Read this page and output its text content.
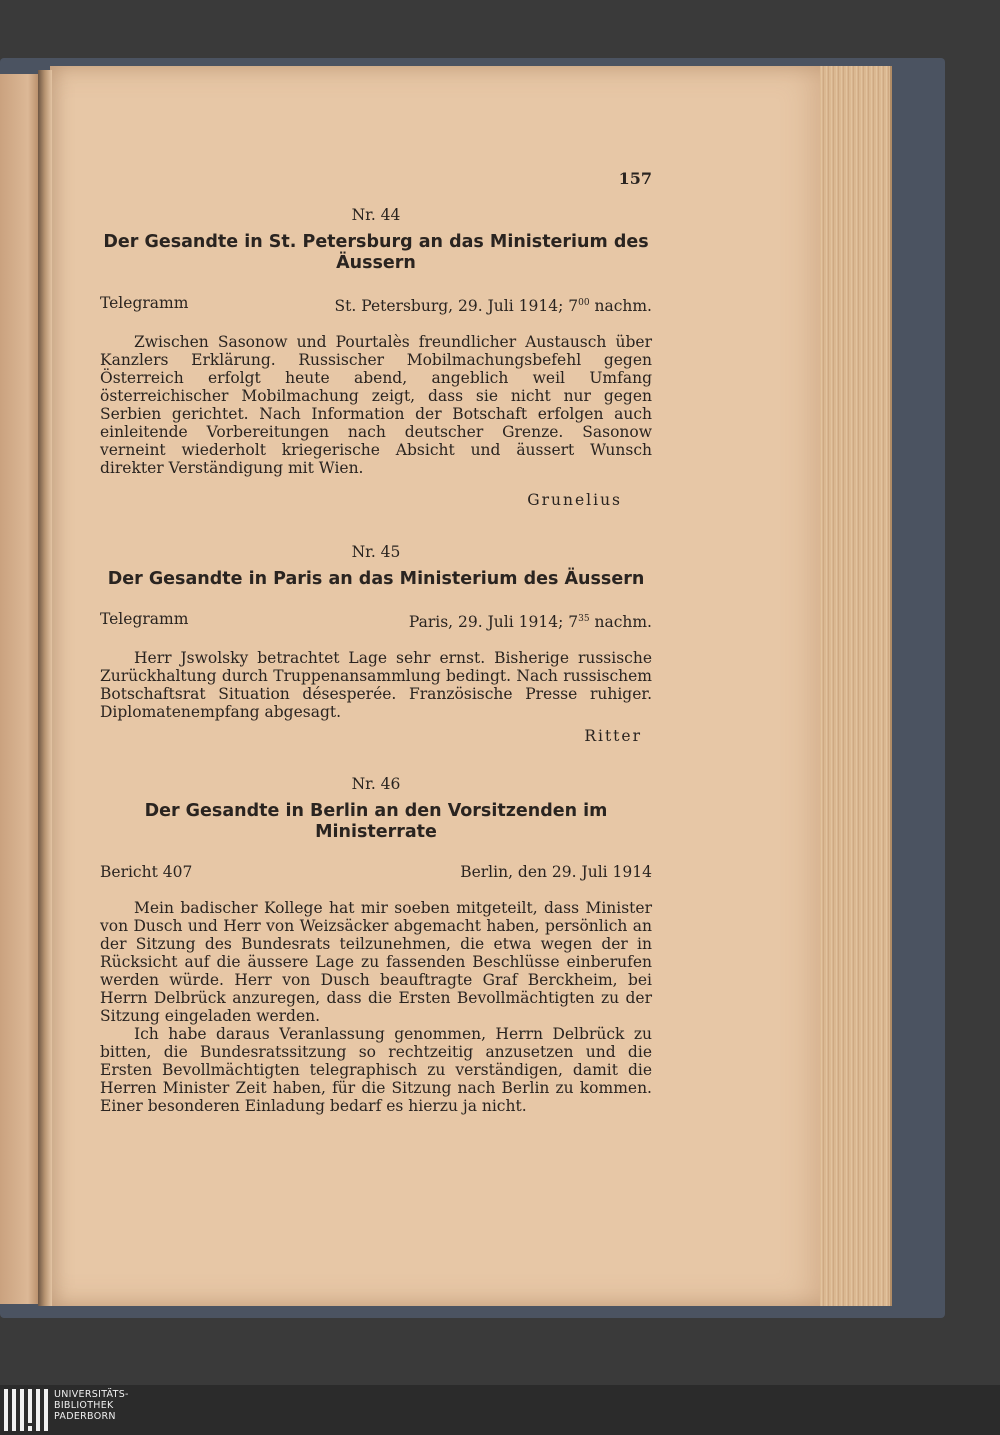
157
Nr. 44
Der Gesandte in St. Petersburg an das Ministerium des Äussern
Telegramm	St. Petersburg, 29. Juli 1914; $7^{00}$ nachm.

Zwischen Sasonow und Pourtalès freundlicher Austausch über Kanzlers Erklärung. Russischer Mobilmachungsbefehl gegen Österreich erfolgt heute abend, angeblich weil Umfang österreichischer Mobilmachung zeigt, dass sie nicht nur gegen Serbien gerichtet. Nach Information der Botschaft erfolgen auch einleitende Vorbereitungen nach deutscher Grenze. Sasonow verneint wiederholt kriegerische Absicht und äussert Wunsch direkter Verständigung mit Wien.

Grunelius
Nr. 45
Der Gesandte in Paris an das Ministerium des Äussern
Telegramm	Paris, 29. Juli 1914; $7^{35}$ nachm.

Herr Jswolsky betrachtet Lage sehr ernst. Bisherige russische Zurückhaltung durch Truppenansammlung bedingt. Nach russischem Botschaftsrat Situation désesperée. Französische Presse ruhiger. Diplomatenempfang abgesagt.

Ritter
Nr. 46
Der Gesandte in Berlin an den Vorsitzenden im Ministerrate
Bericht 407	Berlin, den 29. Juli 1914

Mein badischer Kollege hat mir soeben mitgeteilt, dass Minister von Dusch und Herr von Weizsäcker abgemacht haben, persönlich an der Sitzung des Bundesrats teilzunehmen, die etwa wegen der in Rücksicht auf die äussere Lage zu fassenden Beschlüsse einberufen werden würde. Herr von Dusch beauftragte Graf Berckheim, bei Herrn Delbrück anzuregen, dass die Ersten Bevollmächtigten zu der Sitzung eingeladen werden.

Ich habe daraus Veranlassung genommen, Herrn Delbrück zu bitten, die Bundesratssitzung so rechtzeitig anzusetzen und die Ersten Bevollmächtigten telegraphisch zu verständigen, damit die Herren Minister Zeit haben, für die Sitzung nach Berlin zu kommen. Einer besonderen Einladung bedarf es hierzu ja nicht.

UNIVERSITÄTS-
BIBLIOTHEK
PADERBORN
